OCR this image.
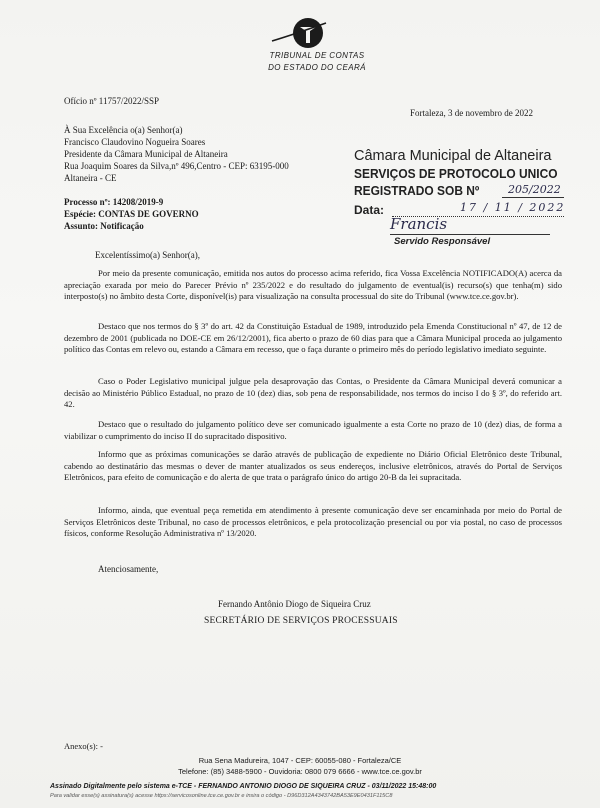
TRIBUNAL DE CONTAS
DO ESTADO DO CEARÁ
Ofício nº 11757/2022/SSP
Fortaleza, 3 de novembro de 2022
À Sua Excelência o(a) Senhor(a)
Francisco Claudovino Nogueira Soares
Presidente da Câmara Municipal de Altaneira
Rua Joaquim Soares da Silva,nº 496,Centro - CEP: 63195-000
Altaneira - CE
Câmara Municipal de Altaneira
SERVIÇOS DE PROTOCOLO UNICO
REGISTRADO SOB Nº	205/2022
Data:	17 / 11 / 2022
Francis
Servido Responsável
Processo nº: 14208/2019-9
Espécie: CONTAS DE GOVERNO
Assunto: Notificação
Excelentíssimo(a) Senhor(a),
Por meio da presente comunicação, emitida nos autos do processo acima referido, fica Vossa Excelência NOTIFICADO(A) acerca da apreciação exarada por meio do Parecer Prévio nº 235/2022 e do resultado do julgamento de eventual(is) recurso(s) que tenha(m) sido interposto(s) no âmbito desta Corte, disponível(is) para visualização na consulta processual do site do Tribunal (www.tce.ce.gov.br).
Destaco que nos termos do § 3º do art. 42 da Constituição Estadual de 1989, introduzido pela Emenda Constitucional nº 47, de 12 de dezembro de 2001 (publicada no DOE-CE em 26/12/2001), fica aberto o prazo de 60 dias para que a Câmara Municipal proceda ao julgamento político das Contas em relevo ou, estando a Câmara em recesso, que o faça durante o primeiro mês do período legislativo imediato seguinte.
Caso o Poder Legislativo municipal julgue pela desaprovação das Contas, o Presidente da Câmara Municipal deverá comunicar a decisão ao Ministério Público Estadual, no prazo de 10 (dez) dias, sob pena de responsabilidade, nos termos do inciso I do § 3º, do referido art. 42.
Destaco que o resultado do julgamento político deve ser comunicado igualmente a esta Corte no prazo de 10 (dez) dias, de forma a viabilizar o cumprimento do inciso II do supracitado dispositivo.
Informo que as próximas comunicações se darão através de publicação de expediente no Diário Oficial Eletrônico deste Tribunal, cabendo ao destinatário das mesmas o dever de manter atualizados os seus endereços, inclusive eletrônicos, através do Portal de Serviços Eletrônicos, para efeito de comunicação e do alerta de que trata o parágrafo único do artigo 20-B da lei supracitada.
Informo, ainda, que eventual peça remetida em atendimento à presente comunicação deve ser encaminhada por meio do Portal de Serviços Eletrônicos deste Tribunal, no caso de processos eletrônicos, e pela protocolização presencial ou por via postal, no caso de processos físicos, conforme Resolução Administrativa nº 13/2020.
Atenciosamente,
Fernando Antônio Diogo de Siqueira Cruz
SECRETÁRIO DE SERVIÇOS PROCESSUAIS
Anexo(s): -
Rua Sena Madureira, 1047 - CEP: 60055-080 - Fortaleza/CE
Telefone: (85) 3488-5900 - Ouvidoria: 0800 079 6666 - www.tce.ce.gov.br
Assinado Digitalmente pelo sistema e-TCE - FERNANDO ANTONIO DIOGO DE SIQUEIRA CRUZ - 03/11/2022 15:48:00
Para validar esse(s) assinatura(s) acesse https://servicosonline.tce.ce.gov.br e insira o código - D96D312A4343742BA53E9E0431F115C8
